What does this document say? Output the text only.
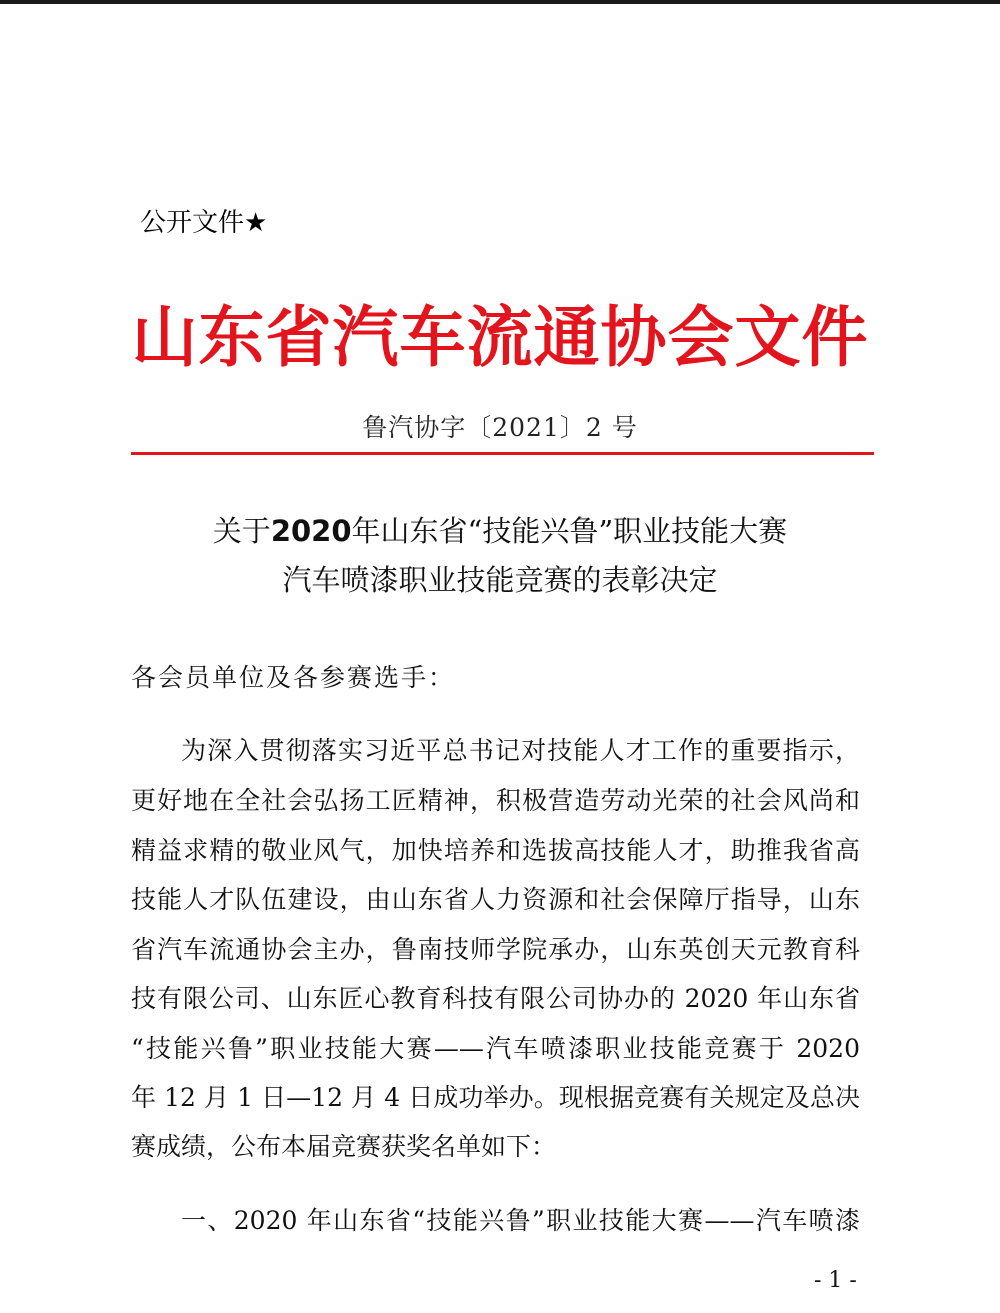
公开文件★
山东省汽车流通协会文件
鲁汽协字〔2021〕2 号
关于2020年山东省“技能兴鲁”职业技能大赛
汽车喷漆职业技能竞赛的表彰决定
各会员单位及各参赛选手：
为深入贯彻落实习近平总书记对技能人才工作的重要指示，
更好地在全社会弘扬工匠精神，积极营造劳动光荣的社会风尚和
精益求精的敬业风气，加快培养和选拔高技能人才，助推我省高
技能人才队伍建设，由山东省人力资源和社会保障厅指导，山东
省汽车流通协会主办，鲁南技师学院承办，山东英创天元教育科
技有限公司、山东匠心教育科技有限公司协办的 2020 年山东省
“技能兴鲁”职业技能大赛——汽车喷漆职业技能竞赛于 2020
年 12 月 1 日—12 月 4 日成功举办。现根据竞赛有关规定及总决
赛成绩，公布本届竞赛获奖名单如下：
一、2020 年山东省“技能兴鲁”职业技能大赛——汽车喷漆
- 1 -
